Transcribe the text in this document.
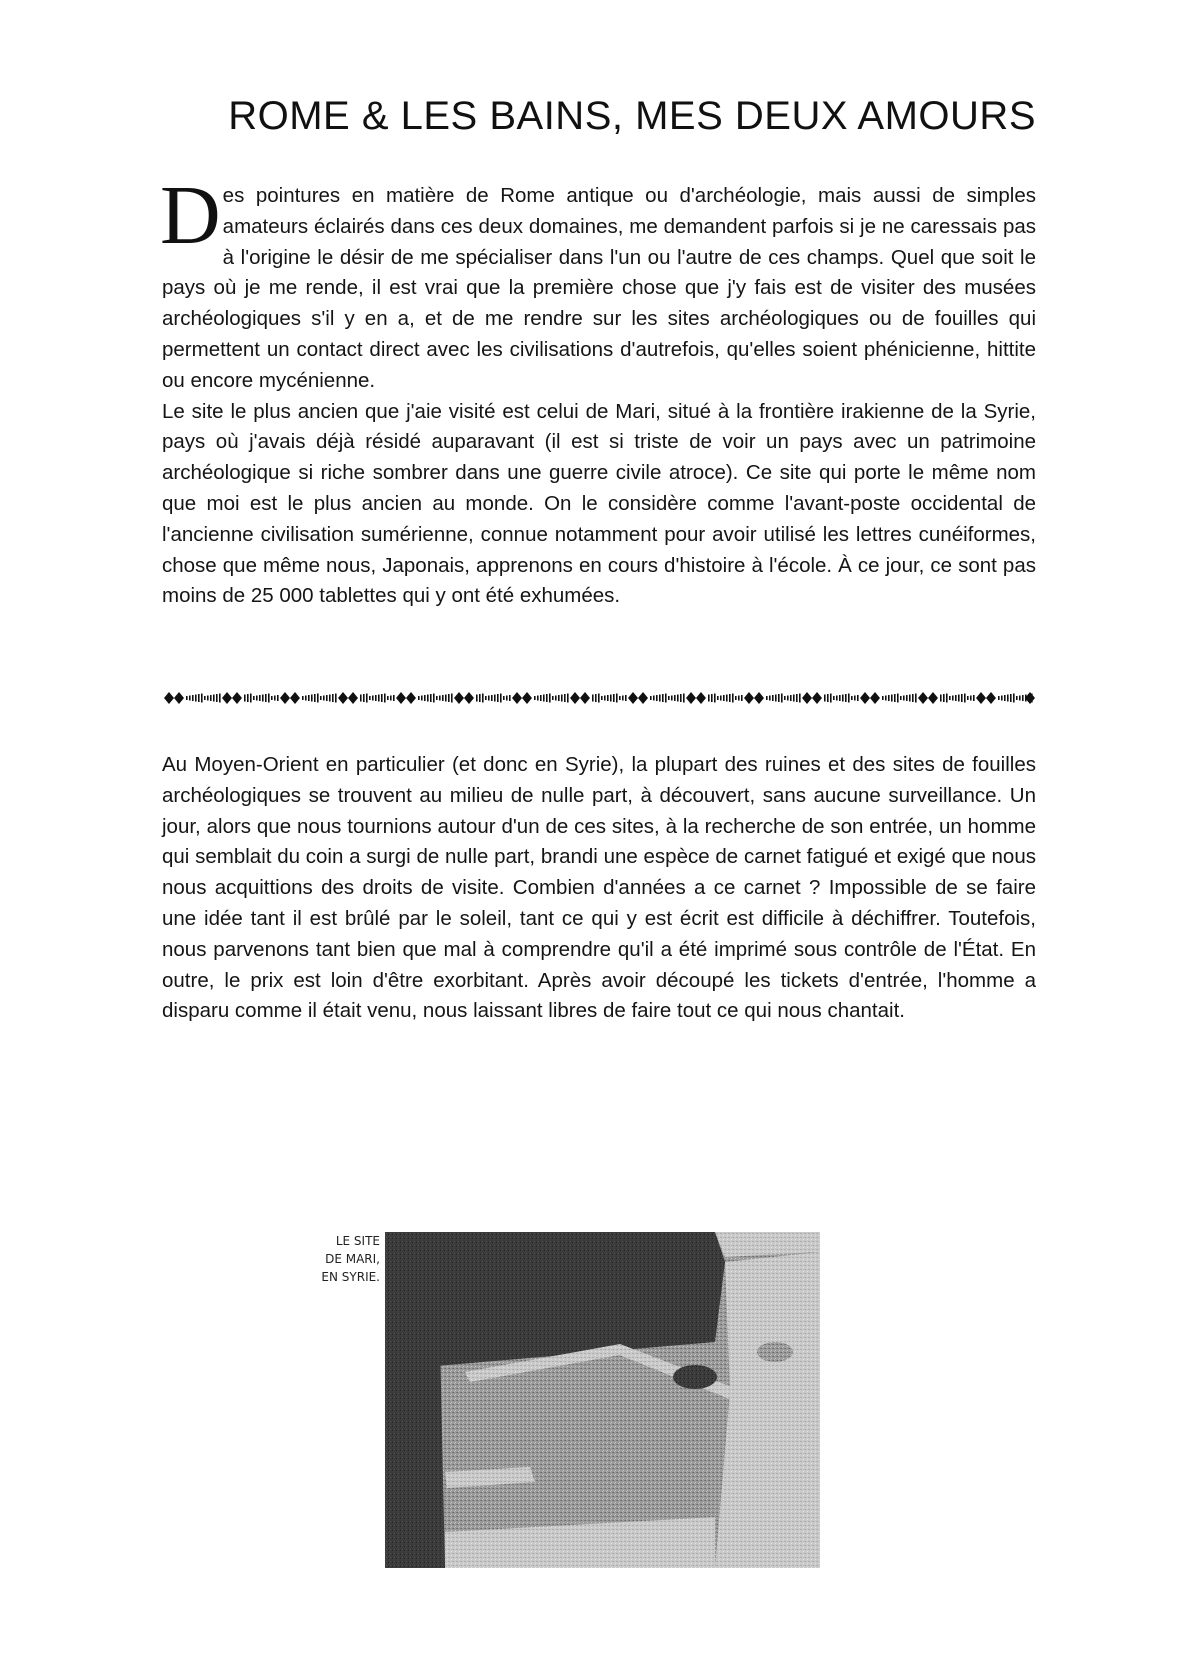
ROME & LES BAINS, MES DEUX AMOURS

Des pointures en matière de Rome antique ou d'archéologie, mais aussi de simples amateurs éclairés dans ces deux domaines, me demandent parfois si je ne caressais pas à l'origine le désir de me spécialiser dans l'un ou l'autre de ces champs. Quel que soit le pays où je me rende, il est vrai que la première chose que j'y fais est de visiter des musées archéologiques s'il y en a, et de me rendre sur les sites archéologiques ou de fouilles qui permettent un contact direct avec les civilisations d'autrefois, qu'elles soient phénicienne, hittite ou encore mycénienne.

Le site le plus ancien que j'aie visité est celui de Mari, situé à la frontière irakienne de la Syrie, pays où j'avais déjà résidé auparavant (il est si triste de voir un pays avec un patrimoine archéologique si riche sombrer dans une guerre civile atroce). Ce site qui porte le même nom que moi est le plus ancien au monde. On le considère comme l'avant-poste occidental de l'ancienne civilisation sumérienne, connue notamment pour avoir utilisé les lettres cunéiformes, chose que même nous, Japonais, apprenons en cours d'histoire à l'école. À ce jour, ce sont pas moins de 25 000 tablettes qui y ont été exhumées.

Au Moyen-Orient en particulier (et donc en Syrie), la plupart des ruines et des sites de fouilles archéologiques se trouvent au milieu de nulle part, à découvert, sans aucune surveillance. Un jour, alors que nous tournions autour d'un de ces sites, à la recherche de son entrée, un homme qui semblait du coin a surgi de nulle part, brandi une espèce de carnet fatigué et exigé que nous nous acquittions des droits de visite. Combien d'années a ce carnet ? Impossible de se faire une idée tant il est brûlé par le soleil, tant ce qui y est écrit est difficile à déchiffrer. Toutefois, nous parvenons tant bien que mal à comprendre qu'il a été imprimé sous contrôle de l'État. En outre, le prix est loin d'être exorbitant. Après avoir découpé les tickets d'entrée, l'homme a disparu comme il était venu, nous laissant libres de faire tout ce qui nous chantait.

LE SITE
DE MARI,
EN SYRIE.
